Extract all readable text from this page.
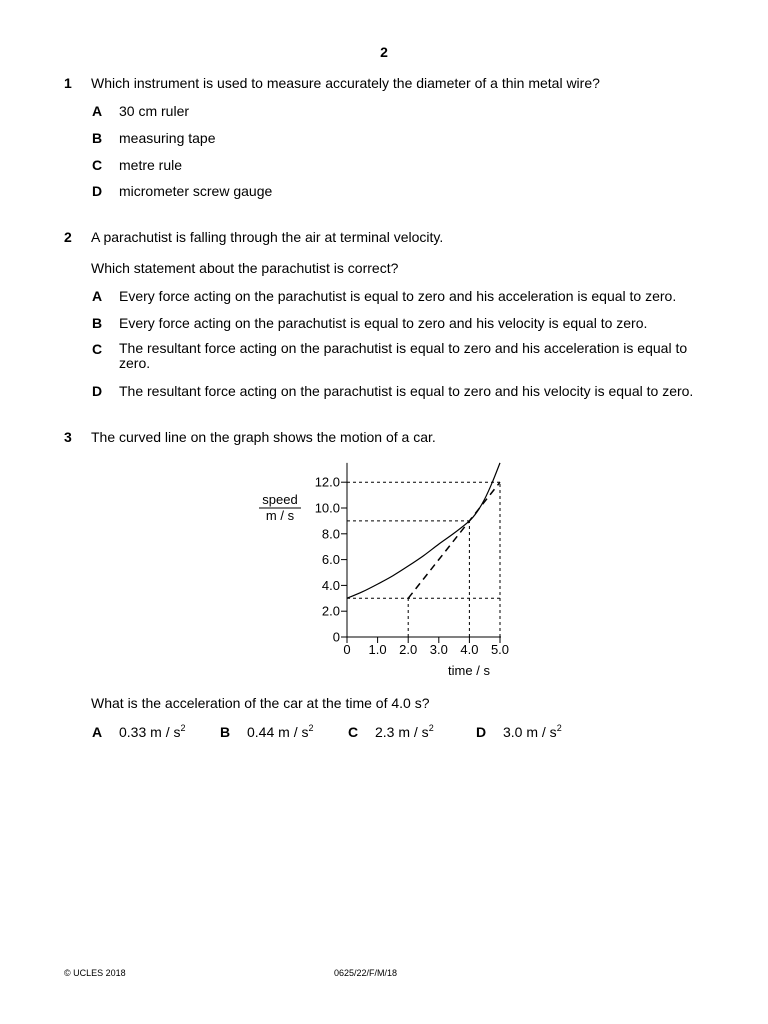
2
1 Which instrument is used to measure accurately the diameter of a thin metal wire?
A 30 cm ruler
B measuring tape
C metre rule
D micrometer screw gauge
2 A parachutist is falling through the air at terminal velocity.
Which statement about the parachutist is correct?
A Every force acting on the parachutist is equal to zero and his acceleration is equal to zero.
B Every force acting on the parachutist is equal to zero and his velocity is equal to zero.
C The resultant force acting on the parachutist is equal to zero and his acceleration is equal to zero.
D The resultant force acting on the parachutist is equal to zero and his velocity is equal to zero.
3 The curved line on the graph shows the motion of a car.
0
2.0
4.0
6.0
8.0
10.0
12.0
0 1.0 2.0 3.0 4.0 5.0
speed
m / s
time / s
What is the acceleration of the car at the time of 4.0 s?
A 0.33 m / $s^2$ B 0.44 m / $s^2$ C 2.3 m / $s^2$	D 3.0 m / $s^2$
© UCLES 2018	0625/22/F/M/18
